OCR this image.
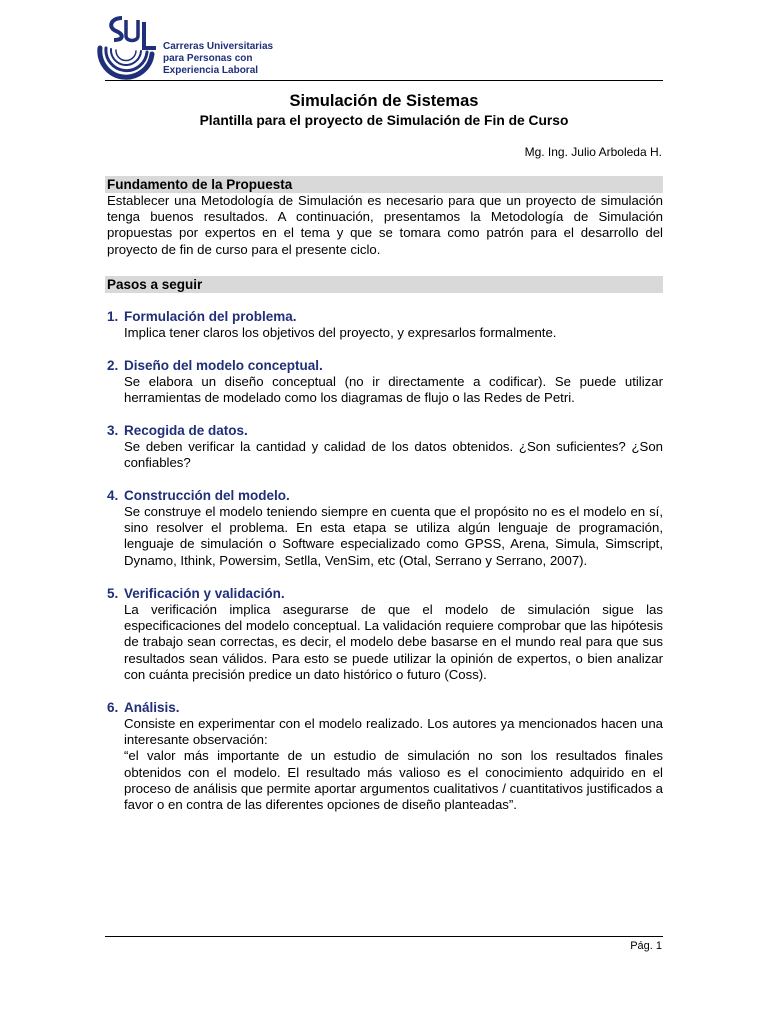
Carreras Universitarias
para Personas con
Experiencia Laboral
Simulación de Sistemas
Plantilla para el proyecto de Simulación de Fin de Curso
Mg. Ing. Julio Arboleda H.
Fundamento de la Propuesta
Establecer una Metodología de Simulación es necesario para que un proyecto de simulación tenga buenos resultados. A continuación, presentamos la Metodología de Simulación propuestas por expertos en el tema y que se tomara como patrón para el desarrollo del proyecto de fin de curso para el presente ciclo.
Pasos a seguir
1. Formulación del problema.

Implica tener claros los objetivos del proyecto, y expresarlos formalmente.

2. Diseño del modelo conceptual.

Se elabora un diseño conceptual (no ir directamente a codificar). Se puede utilizar herramientas de modelado como los diagramas de flujo o las Redes de Petri.

3. Recogida de datos.

Se deben verificar la cantidad y calidad de los datos obtenidos. ¿Son suficientes? ¿Son confiables?

4. Construcción del modelo.

Se construye el modelo teniendo siempre en cuenta que el propósito no es el modelo en sí, sino resolver el problema. En esta etapa se utiliza algún lenguaje de programación, lenguaje de simulación o Software especializado como GPSS, Arena, Simula, Simscript, Dynamo, Ithink, Powersim, Setlla, VenSim, etc (Otal, Serrano y Serrano, 2007).

5. Verificación y validación.

La verificación implica asegurarse de que el modelo de simulación sigue las especificaciones del modelo conceptual. La validación requiere comprobar que las hipótesis de trabajo sean correctas, es decir, el modelo debe basarse en el mundo real para que sus resultados sean válidos. Para esto se puede utilizar la opinión de expertos, o bien analizar con cuánta precisión predice un dato histórico o futuro (Coss).

6. Análisis.

Consiste en experimentar con el modelo realizado. Los autores ya mencionados hacen una interesante observación:

“el valor más importante de un estudio de simulación no son los resultados finales obtenidos con el modelo. El resultado más valioso es el conocimiento adquirido en el proceso de análisis que permite aportar argumentos cualitativos / cuantitativos justificados a favor o en contra de las diferentes opciones de diseño planteadas”.

Pág. 1
